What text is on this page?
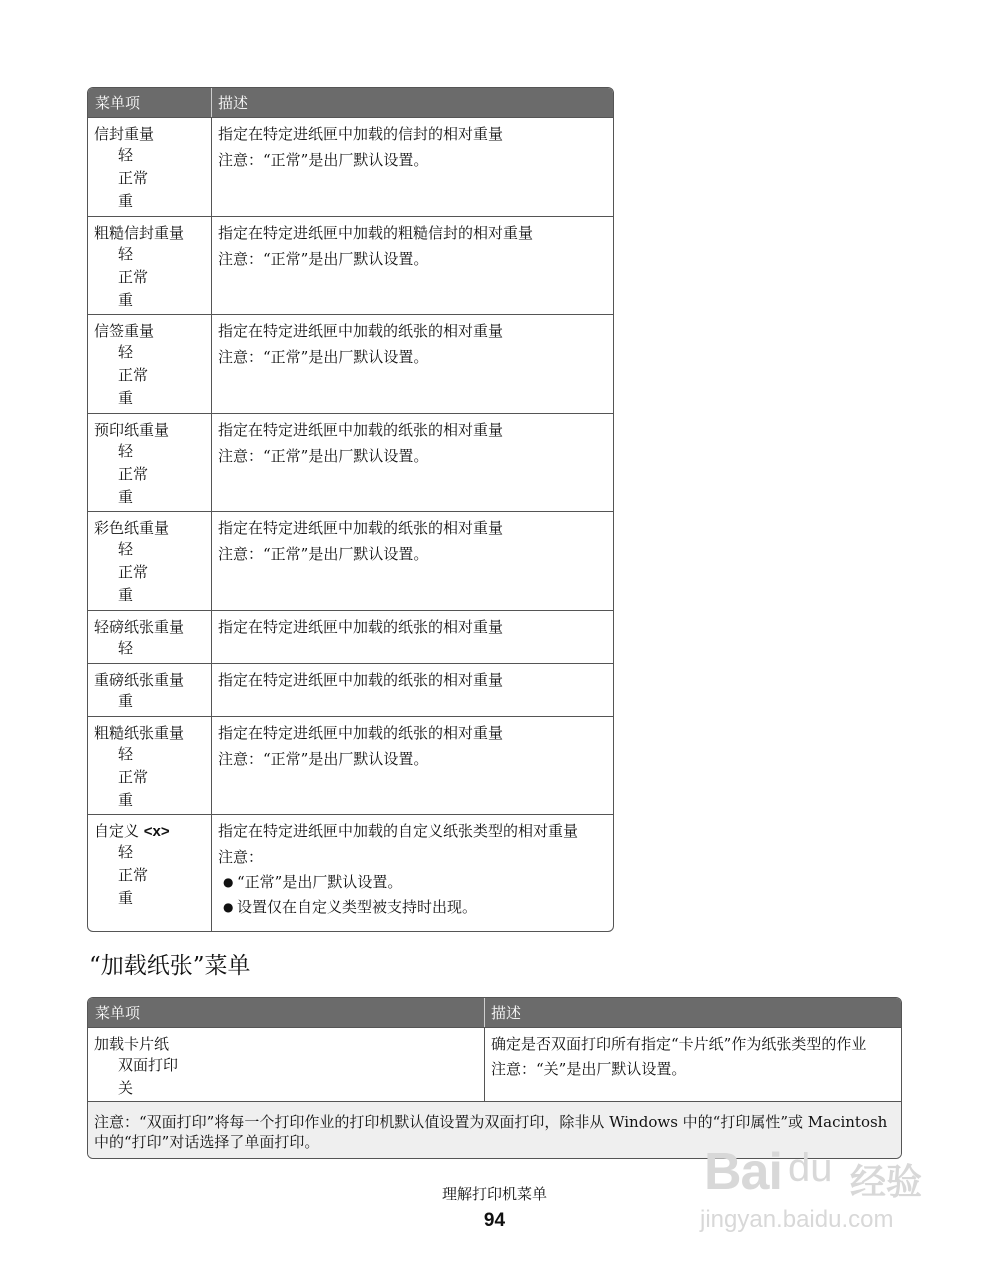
菜单项	描述
信封重量
轻
正常
重
指定在特定进纸匣中加载的信封的相对重量
注意：“正常”是出厂默认设置。
粗糙信封重量
轻
正常
重
指定在特定进纸匣中加载的粗糙信封的相对重量
注意：“正常”是出厂默认设置。
信签重量
轻
正常
重
指定在特定进纸匣中加载的纸张的相对重量
注意：“正常”是出厂默认设置。
预印纸重量
轻
正常
重
指定在特定进纸匣中加载的纸张的相对重量
注意：“正常”是出厂默认设置。
彩色纸重量
轻
正常
重
指定在特定进纸匣中加载的纸张的相对重量
注意：“正常”是出厂默认设置。
轻磅纸张重量
轻
指定在特定进纸匣中加载的纸张的相对重量
重磅纸张重量
重
指定在特定进纸匣中加载的纸张的相对重量
粗糙纸张重量
轻
正常
重
指定在特定进纸匣中加载的纸张的相对重量
注意：“正常”是出厂默认设置。
自定义 <x>
轻
正常
重
指定在特定进纸匣中加载的自定义纸张类型的相对重量
注意：
● “正常”是出厂默认设置。
● 设置仅在自定义类型被支持时出现。
“加载纸张”菜单
菜单项	描述
加载卡片纸
双面打印
关
确定是否双面打印所有指定“卡片纸”作为纸张类型的作业
注意：“关”是出厂默认设置。
注意：“双面打印”将每一个打印作业的打印机默认值设置为双面打印，除非从 Windows 中的“打印属性”或 Macintosh 中的“打印”对话选择了单面打印。
理解打印机菜单
94
Bai du 经验
jingyan.baidu.com
